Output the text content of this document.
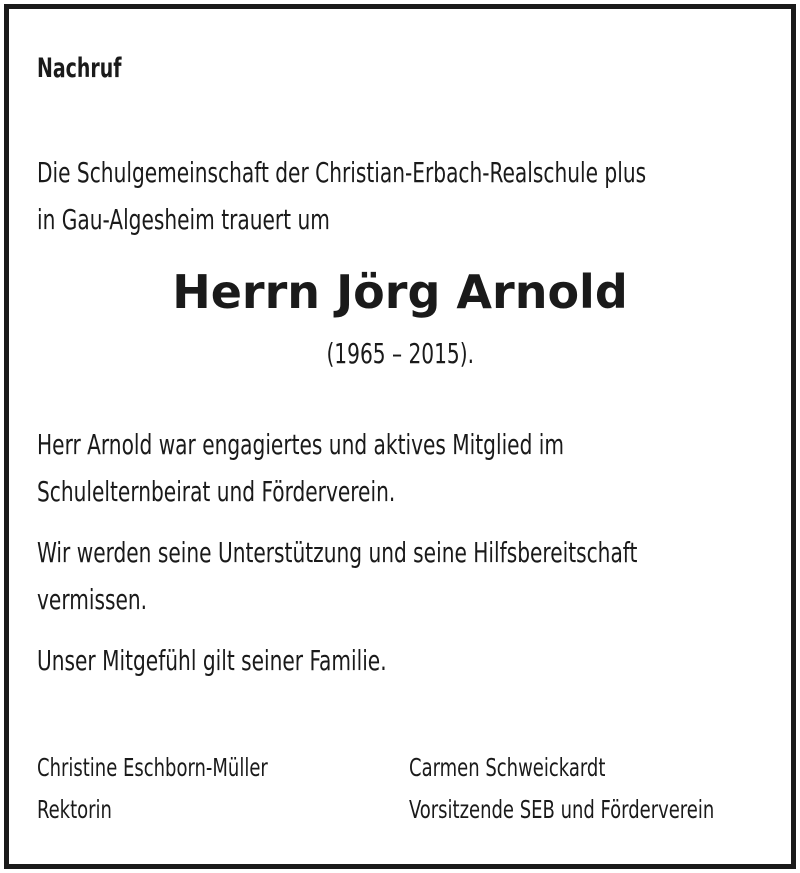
Nachruf

Die Schulgemeinschaft der Christian-Erbach-Realschule plus
in Gau-Algesheim trauert um

Herrn Jörg Arnold

(1965 – 2015).

Herr Arnold war engagiertes und aktives Mitglied im
Schulelternbeirat und Förderverein.

Wir werden seine Unterstützung und seine Hilfsbereitschaft
vermissen.

Unser Mitgefühl gilt seiner Familie.

Christine Eschborn-Müller
Rektorin
Carmen Schweickardt
Vorsitzende SEB und Förderverein
